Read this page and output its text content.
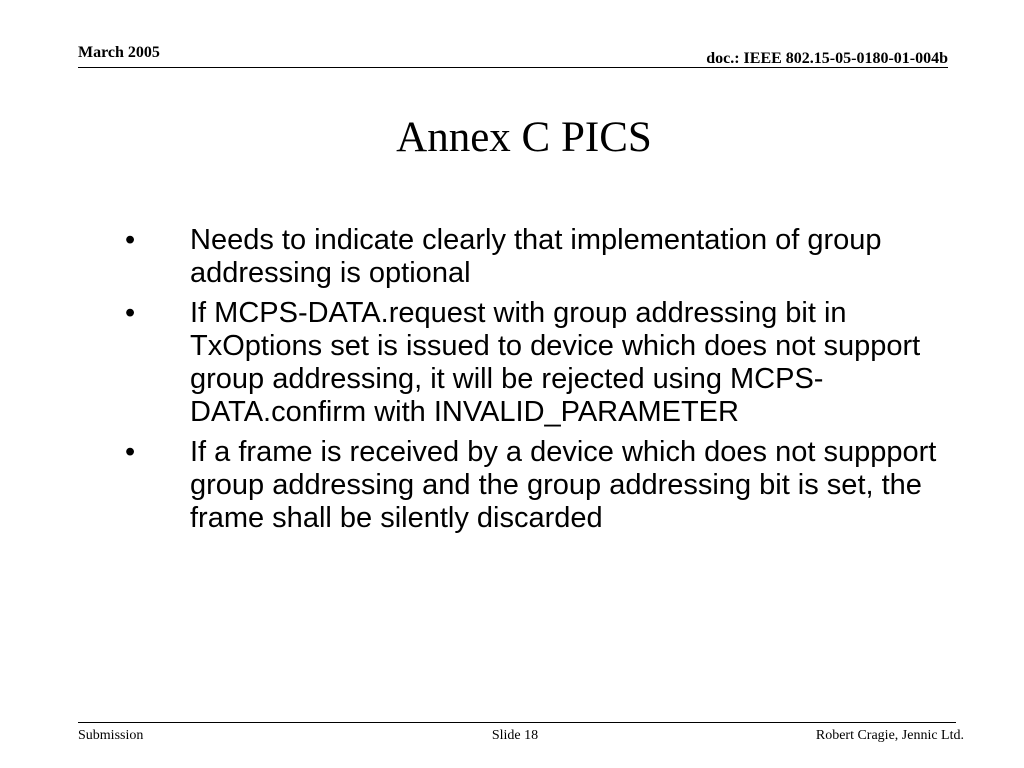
March 2005	doc.: IEEE 802.15-05-0180-01-004b
Annex C PICS
• Needs to indicate clearly that implementation of group addressing is optional
• If MCPS-DATA.request with group addressing bit in TxOptions set is issued to device which does not support group addressing, it will be rejected using MCPS-DATA.confirm with INVALID_PARAMETER
• If a frame is received by a device which does not suppport group addressing and the group addressing bit is set, the frame shall be silently discarded
Submission	Slide 18	Robert Cragie, Jennic Ltd.
